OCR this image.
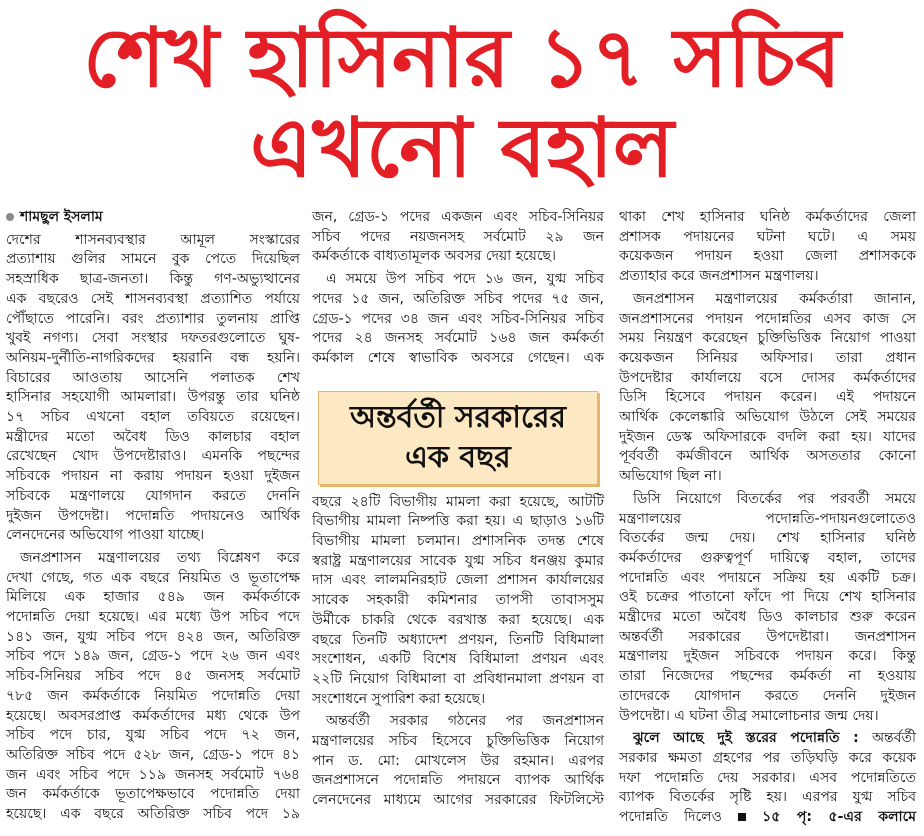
শেখ হাসিনার ১৭ সচিব
এখনো বহাল
শামছুল ইসলাম
দেশের শাসনব্যবস্থার আমূল সংস্কারের
প্রত্যাশায় গুলির সামনে বুক পেতে দিয়েছিল
সহস্রাধিক ছাত্র-জনতা। কিন্তু গণ-অভ্যুত্থানের
এক বছরেও সেই শাসনব্যবস্থা প্রত্যাশিত পর্যায়ে
পৌঁছাতে পারেনি। বরং প্রত্যাশার তুলনায় প্রাপ্তি
খুবই নগণ্য। সেবা সংস্থার দফতরগুলোতে ঘুষ-
অনিয়ম-দুর্নীতি-নাগরিকদের হয়রানি বন্ধ হয়নি।
বিচারের আওতায় আসেনি পলাতক শেখ
হাসিনার সহযোগী আমলারা। উপরন্তু তার ঘনিষ্ঠ
১৭ সচিব এখনো বহাল তবিয়তে রয়েছেন।
মন্ত্রীদের মতো অবৈধ ডিও কালচার বহাল
রেখেছেন খোদ উপদেষ্টারাও। এমনকি পছন্দের
সচিবকে পদায়ন না করায় পদায়ন হওয়া দুইজন
সচিবকে মন্ত্রণালয়ে যোগদান করতে দেননি
দুইজন উপদেষ্টা। পদোন্নতি পদায়নেও আর্থিক
লেনদেনের অভিযোগ পাওয়া যাচ্ছে।
জনপ্রশাসন মন্ত্রণালয়ের তথ্য বিশ্লেষণ করে
দেখা গেছে, গত এক বছরে নিয়মিত ও ভূতাপেক্ষ
মিলিয়ে এক হাজার ৫৪৯ জন কর্মকর্তাকে
পদোন্নতি দেয়া হয়েছে। এর মধ্যে উপ সচিব পদে
১৪১ জন, যুগ্ম সচিব পদে ৪২৪ জন, অতিরিক্ত
সচিব পদে ১৪৯ জন, গ্রেড-১ পদে ২৬ জন এবং
সচিব-সিনিয়র সচিব পদে ৪৫ জনসহ সর্বমোট
৭৮৫ জন কর্মকর্তাকে নিয়মিত পদোন্নতি দেয়া
হয়েছে। অবসরপ্রাপ্ত কর্মকর্তাদের মধ্য থেকে উপ
সচিব পদে চার, যুগ্ম সচিব পদে ৭২ জন,
অতিরিক্ত সচিব পদে ৫২৮ জন, গ্রেড-১ পদে ৪১
জন এবং সচিব পদে ১১৯ জনসহ সর্বমোট ৭৬৪
জন কর্মকর্তাকে ভূতাপেক্ষভাবে পদোন্নতি দেয়া
হয়েছে। এক বছরে অতিরিক্ত সচিব পদে ১৯
জন, গ্রেড-১ পদের একজন এবং সচিব-সিনিয়র
সচিব পদের নয়জনসহ সর্বমোট ২৯ জন
কর্মকর্তাকে বাধ্যতামূলক অবসর দেয়া হয়েছে।
এ সময়ে উপ সচিব পদে ১৬ জন, যুগ্ম সচিব
পদের ১৫ জন, অতিরিক্ত সচিব পদের ৭৫ জন,
গ্রেড-১ পদের ৩৪ জন এবং সচিব-সিনিয়র সচিব
পদের ২৪ জনসহ সর্বমোট ১৬৪ জন কর্মকর্তা
কর্মকাল শেষে স্বাভাবিক অবসরে গেছেন। এক
অন্তর্বর্তী সরকারের
এক বছর
বছরে ২৪টি বিভাগীয় মামলা করা হয়েছে, আটটি
বিভাগীয় মামলা নিষ্পত্তি করা হয়। এ ছাড়াও ১৬টি
বিভাগীয় মামলা চলমান। প্রশাসনিক তদন্ত শেষে
স্বরাষ্ট্র মন্ত্রণালয়ের সাবেক যুগ্ম সচিব ধনঞ্জয় কুমার
দাস এবং লালমনিরহাট জেলা প্রশাসন কার্যালয়ের
সাবেক সহকারী কমিশনার তাপসী তাবাসসুম
উর্মীকে চাকরি থেকে বরখাস্ত করা হয়েছে। এক
বছরে তিনটি অধ্যাদেশ প্রণয়ন, তিনটি বিধিমালা
সংশোধন, একটি বিশেষ বিধিমালা প্রণয়ন এবং
২২টি নিয়োগ বিধিমালা বা প্রবিধানমালা প্রণয়ন বা
সংশোধনে সুপারিশ করা হয়েছে।
অন্তর্বর্তী সরকার গঠনের পর জনপ্রশাসন
মন্ত্রণালয়ের সচিব হিসেবে চুক্তিভিত্তিক নিয়োগ
পান ড. মো: মোখলেস উর রহমান। এরপর
জনপ্রশাসনে পদোন্নতি পদায়নে ব্যাপক আর্থিক
লেনদেনের মাধ্যমে আগের সরকারের ফিটলিস্টে
থাকা শেখ হাসিনার ঘনিষ্ঠ কর্মকর্তাদের জেলা
প্রশাসক পদায়নের ঘটনা ঘটে। এ সময়
কয়েকজন পদায়ন হওয়া জেলা প্রশাসককে
প্রত্যাহার করে জনপ্রশাসন মন্ত্রণালয়।
জনপ্রশাসন মন্ত্রণালয়ের কর্মকর্তারা জানান,
জনপ্রশাসনের পদায়ন পদোন্নতির এসব কাজ সে
সময় নিয়ন্ত্রণ করেছেন চুক্তিভিত্তিক নিয়োগ পাওয়া
কয়েকজন সিনিয়র অফিসার। তারা প্রধান
উপদেষ্টার কার্যালয়ে বসে দোসর কর্মকর্তাদের
ডিসি হিসেবে পদায়ন করেন। এই পদায়নে
আর্থিক কেলেঙ্কারি অভিযোগ উঠলে সেই সময়ের
দুইজন ডেস্ক অফিসারকে বদলি করা হয়। যাদের
পূর্ববর্তী কর্মজীবনে আর্থিক অসততার কোনো
অভিযোগ ছিল না।
ডিসি নিয়োগে বিতর্কের পর পরবর্তী সময়ে
মন্ত্রণালয়ের পদোন্নতি-পদায়নগুলোতেও
বিতর্কের জন্ম দেয়। শেখ হাসিনার ঘনিষ্ঠ
কর্মকর্তাদের গুরুত্বপূর্ণ দায়িত্বে বহাল, তাদের
পদোন্নতি এবং পদায়নে সক্রিয় হয় একটি চক্র।
ওই চক্রের পাতানো ফাঁদে পা দিয়ে শেখ হাসিনার
মন্ত্রীদের মতো অবৈধ ডিও কালচার শুরু করেন
অন্তর্বর্তী সরকারের উপদেষ্টারা। জনপ্রশাসন
মন্ত্রণালয় দুইজন সচিবকে পদায়ন করে। কিন্তু
তারা নিজেদের পছন্দের কর্মকর্তা না হওয়ায়
তাদেরকে যোগদান করতে দেননি দুইজন
উপদেষ্টা। এ ঘটনা তীব্র সমালোচনার জন্ম দেয়।
ঝুলে আছে দুই স্তরের পদোন্নতি : অন্তর্বর্তী
সরকার ক্ষমতা গ্রহণের পর তড়িঘড়ি করে কয়েক
দফা পদোন্নতি দেয় সরকার। এসব পদোন্নতিতে
ব্যাপক বিতর্কের সৃষ্টি হয়। এরপর যুগ্ম সচিব
পদোন্নতি দিলেও	১৫ পৃ: ৫-এর কলামে
